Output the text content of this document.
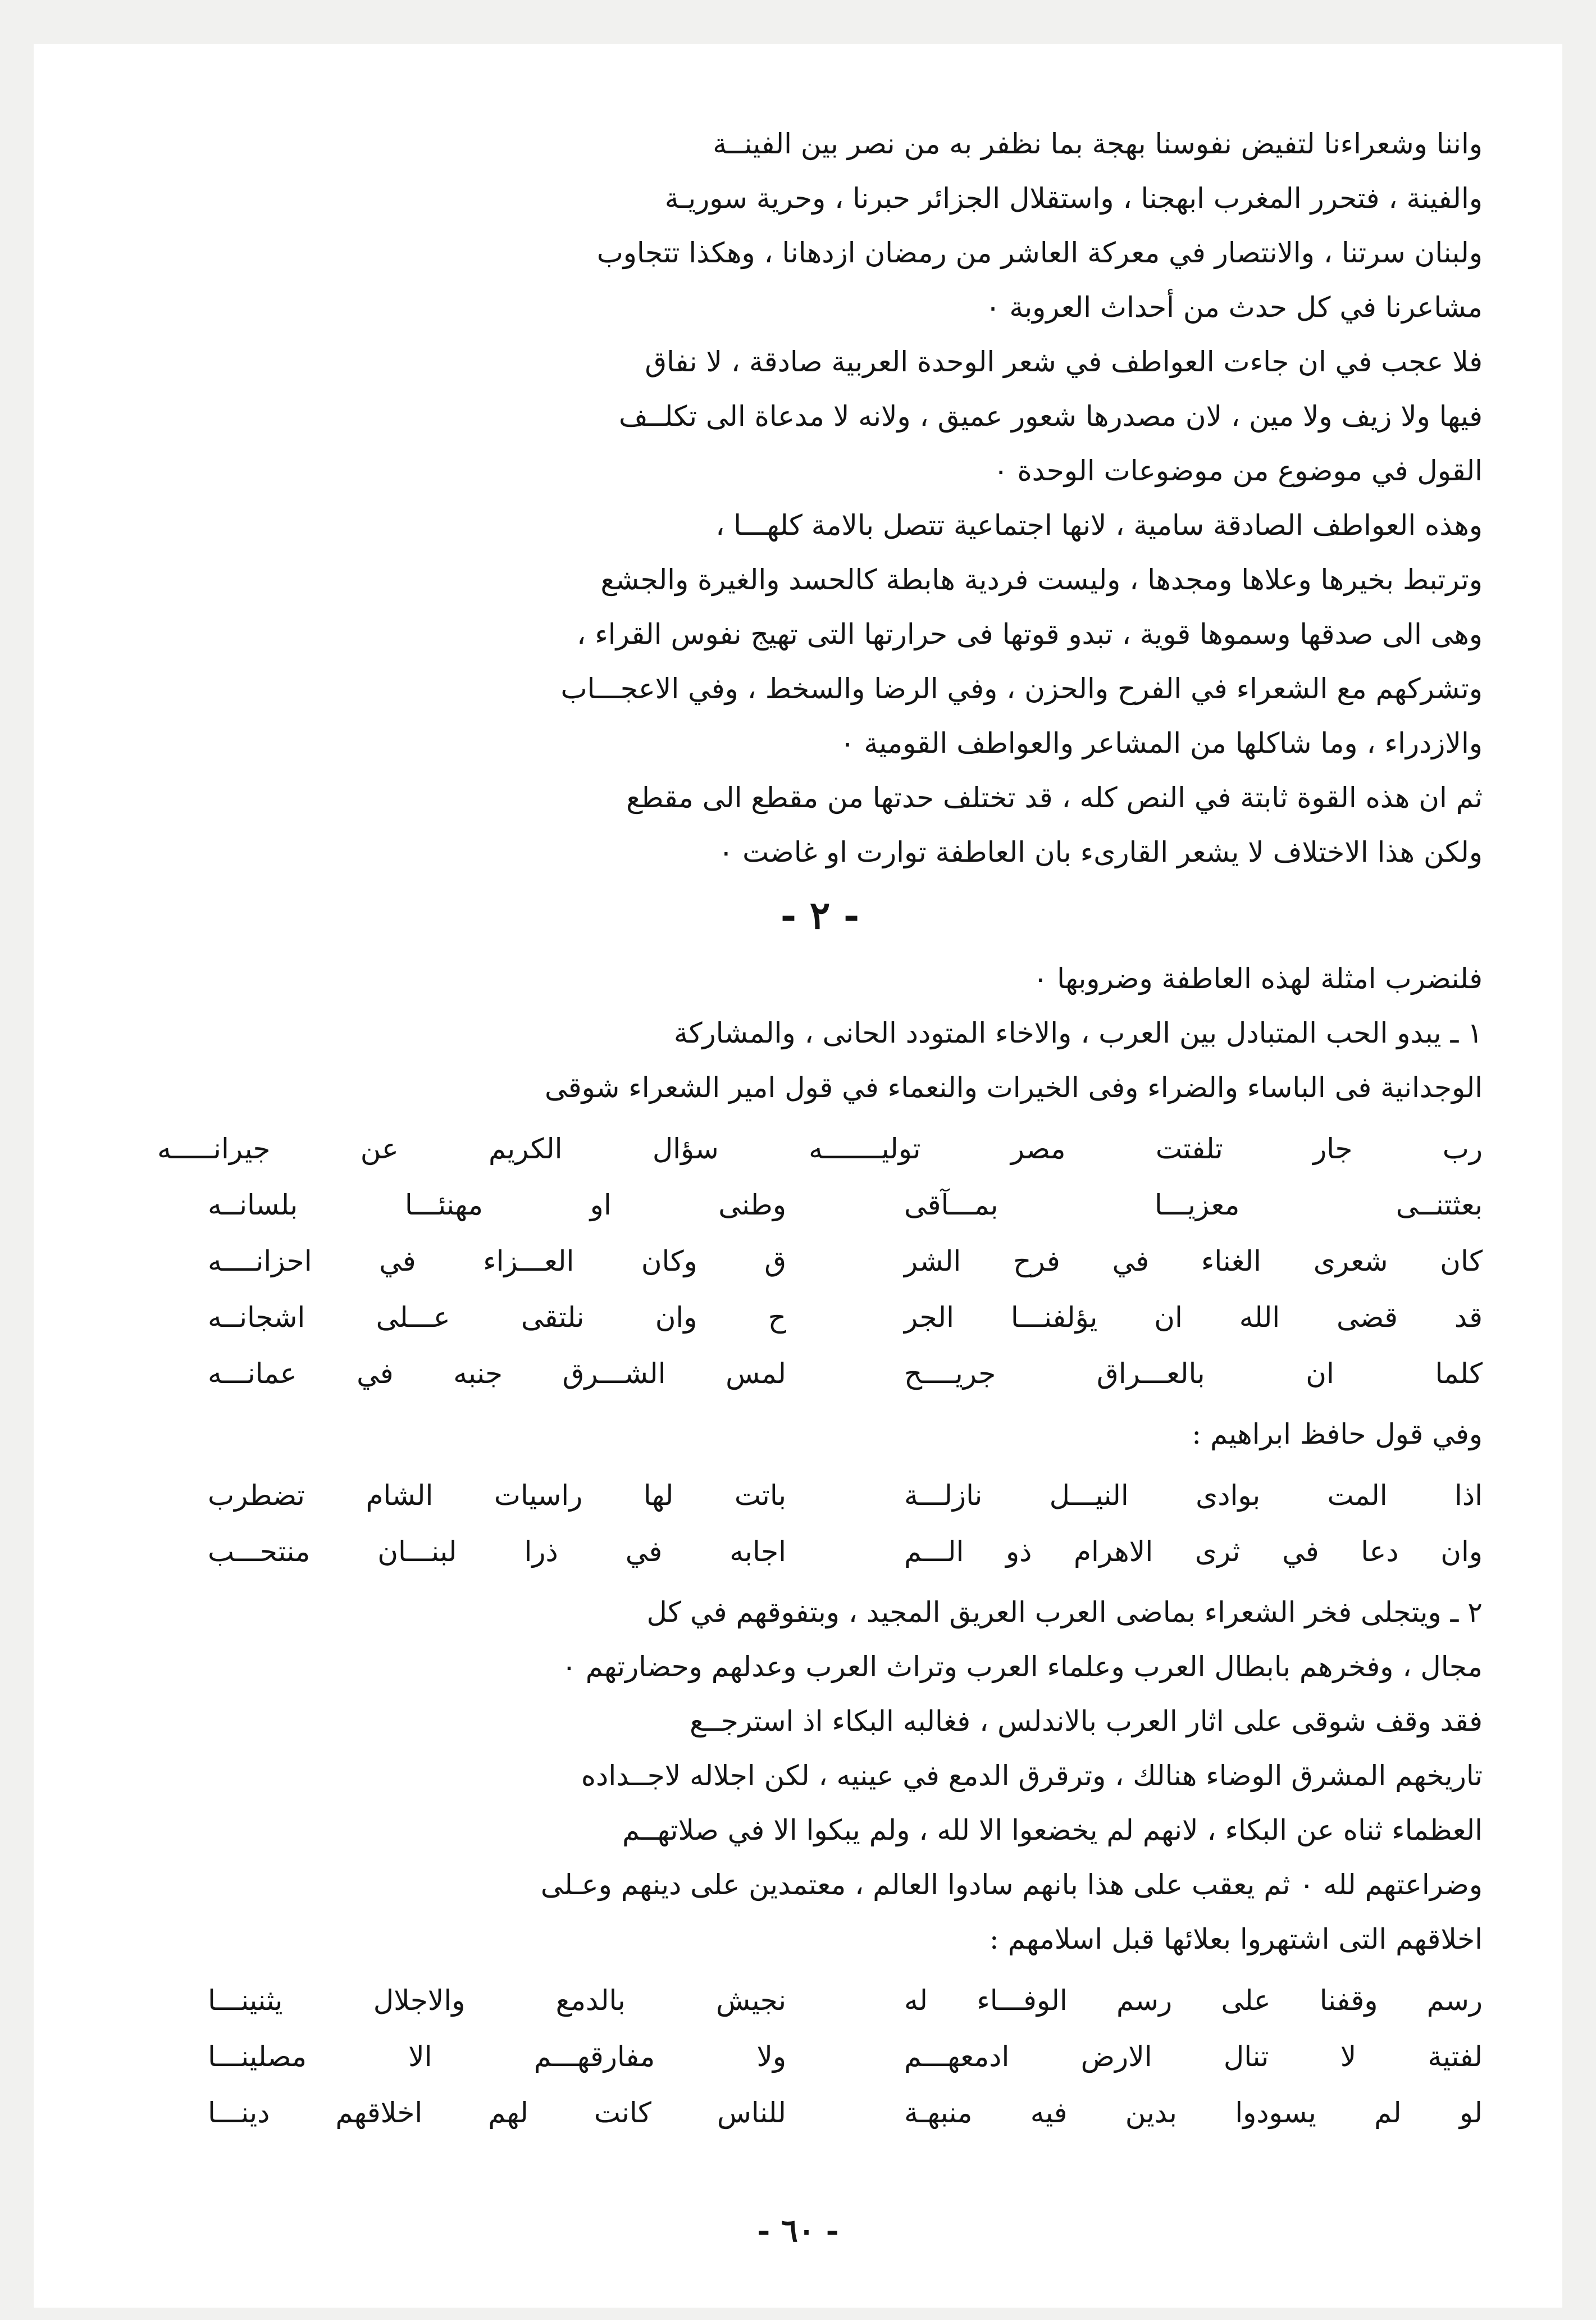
واننا وشعراءنا لتفيض نفوسنا بهجة بما نظفر به من نصر بين الفينــة
والفينة ، فتحرر المغرب ابهجنا ، واستقلال الجزائر حبرنا ، وحرية سوريـة
ولبنان سرتنا ، والانتصار في معركة العاشر من رمضان ازدهانا ، وهكذا تتجاوب
مشاعرنا في كل حدث من أحداث العروبة ٠

فلا عجب في ان جاءت العواطف في شعر الوحدة العربية صادقة ، لا نفاق
فيها ولا زيف ولا مين ، لان مصدرها شعور عميق ، ولانه لا مدعاة الى تكلــف
القول في موضوع من موضوعات الوحدة ٠

وهذه العواطف الصادقة سامية ، لانها اجتماعية تتصل بالامة كلهـــا ،
وترتبط بخيرها وعلاها ومجدها ، وليست فردية هابطة كالحسد والغيرة والجشع
وهى الى صدقها وسموها قوية ، تبدو قوتها فى حرارتها التى تهيج نفوس القراء ،
وتشركهم مع الشعراء في الفرح والحزن ، وفي الرضا والسخط ، وفي الاعجـــاب
والازدراء ، وما شاكلها من المشاعر والعواطف القومية ٠

ثم ان هذه القوة ثابتة في النص كله ، قد تختلف حدتها من مقطع الى مقطع
ولكن هذا الاختلاف لا يشعر القارىء بان العاطفة توارت او غاضت ٠

- ٢ -
فلنضرب امثلة لهذه العاطفة وضروبها ٠
١ ـ يبدو الحب المتبادل بين العرب ، والاخاء المتودد الحانى ، والمشاركة
الوجدانية فى الباساء والضراء وفى الخيرات والنعماء في قول امير الشعراء شوقى
رب جار تلفتت مصر توليـــــــه سؤال الكريم عن جيرانـــــه
بعثتنــى معزيـــا بمـــآقى
وطنى او مهنئـــا بلسانــه
كان شعرى الغناء في فرح الشر
ق وكان العـــزاء في احزانــــه
قد قضى الله ان يؤلفنـــا الجر
ح وان نلتقى عـــلى اشجانــه
كلما ان بالعـــراق جريــــح
لمس الشـــرق جنبه في عمانـــه

وفي قول حافظ ابراهيم :

اذا المت بوادى النيـــل نازلـــة
باتت لها راسيات الشام تضطرب
وان دعا في ثرى الاهرام ذو الـــم
اجابه في ذرا لبنـــان منتحـــب

٢ ـ ويتجلى فخر الشعراء بماضى العرب العريق المجيد ، وبتفوقهم في كل
مجال ، وفخرهم بابطال العرب وعلماء العرب وتراث العرب وعدلهم وحضارتهم ٠

فقد وقف شوقى على اثار العرب بالاندلس ، فغالبه البكاء اذ استرجــع
تاريخهم المشرق الوضاء هنالك ، وترقرق الدمع في عينيه ، لكن اجلاله لاجــداده
العظماء ثناه عن البكاء ، لانهم لم يخضعوا الا لله ، ولم يبكوا الا في صلاتهــم
وضراعتهم لله ٠ ثم يعقب على هذا بانهم سادوا العالم ، معتمدين على دينهم وعـلى
اخلاقهم التى اشتهروا بعلائها قبل اسلامهم :

رسم وقفنا على رسم الوفـــاء له
نجيش بالدمع والاجلال يثنينـــا
لفتية لا تنال الارض ادمعهـــم
ولا مفارقهـــم الا مصلينـــا
لو لم يسودوا بدين فيه منبهـة
للناس كانت لهم اخلاقهم دينـــا
- ٦٠ -
